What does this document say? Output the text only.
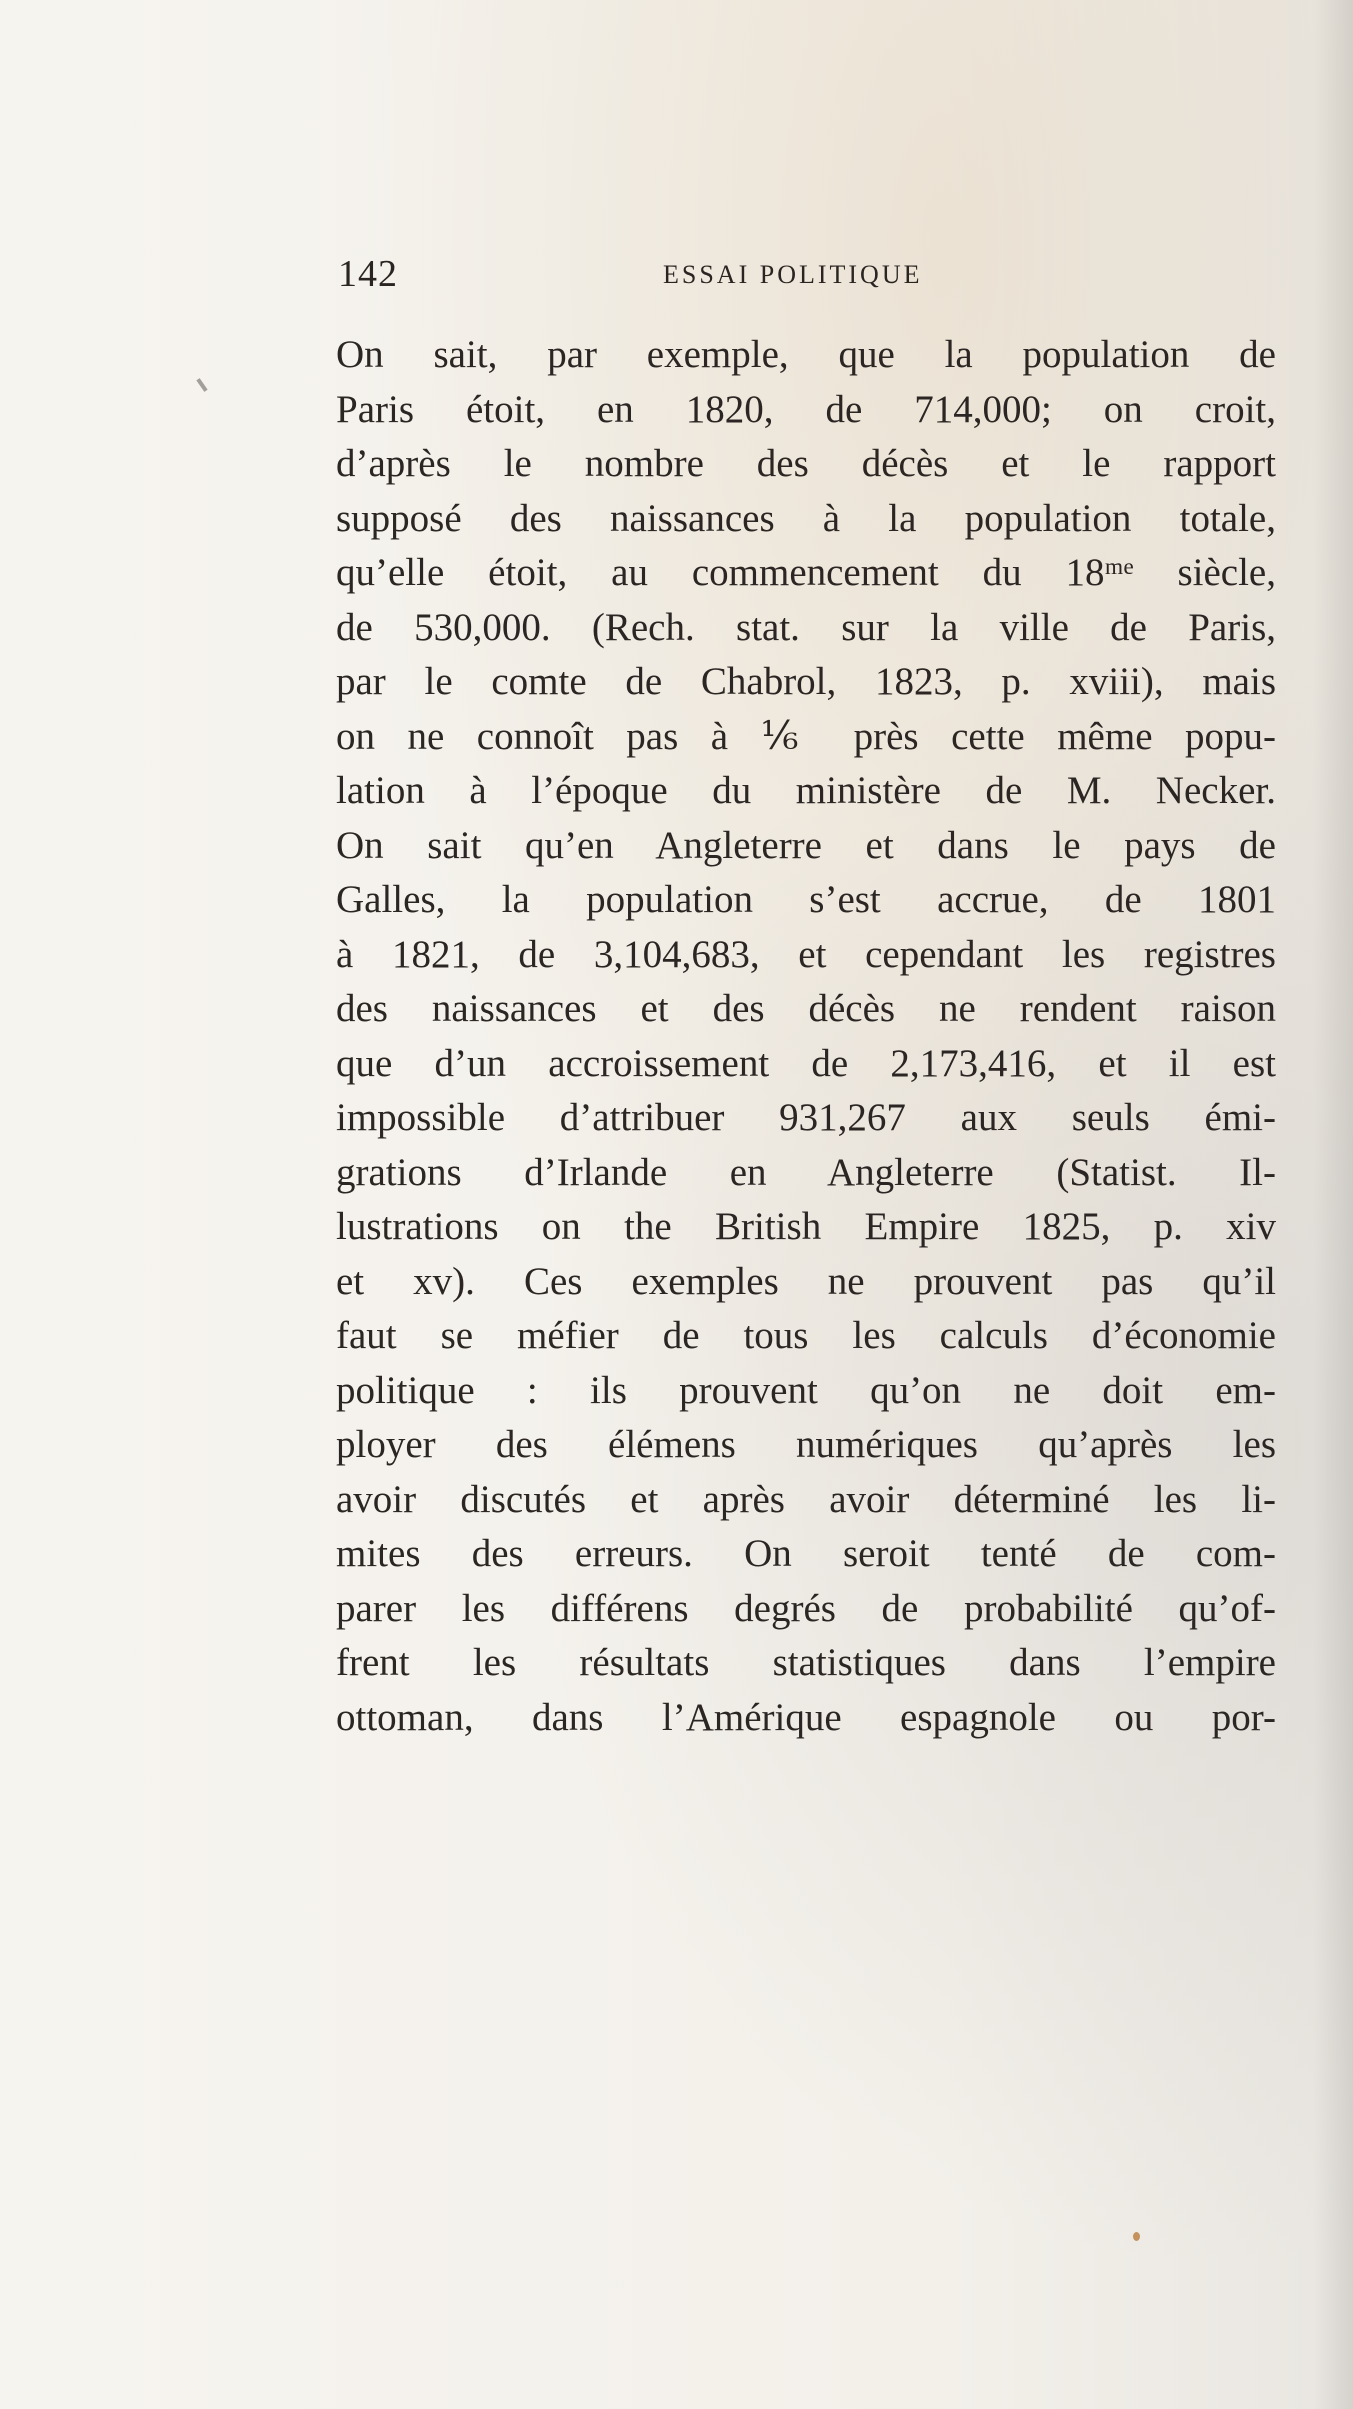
142	ESSAI POLITIQUE
On sait, par exemple, que la population de
Paris étoit, en 1820, de 714,000; on croit,
d’après le nombre des décès et le rapport
supposé des naissances à la population totale,
qu’elle étoit, au commencement du 18ᵐᵉ siècle,
de 530,000. (Rech. stat. sur la ville de Paris,
par le comte de Chabrol, 1823, p. xviii), mais
on ne connoît pas à ⅙ près cette même popu-
lation à l’époque du ministère de M. Necker.
On sait qu’en Angleterre et dans le pays de
Galles, la population s’est accrue, de 1801
à 1821, de 3,104,683, et cependant les registres
des naissances et des décès ne rendent raison
que d’un accroissement de 2,173,416, et il est
impossible d’attribuer 931,267 aux seuls émi-
grations d’Irlande en Angleterre (Statist. Il-
lustrations on the British Empire 1825, p. xiv
et xv). Ces exemples ne prouvent pas qu’il
faut se méfier de tous les calculs d’économie
politique : ils prouvent qu’on ne doit em-
ployer des élémens numériques qu’après les
avoir discutés et après avoir déterminé les li-
mites des erreurs. On seroit tenté de com-
parer les différens degrés de probabilité qu’of-
frent les résultats statistiques dans l’empire
ottoman, dans l’Amérique espagnole ou por-
